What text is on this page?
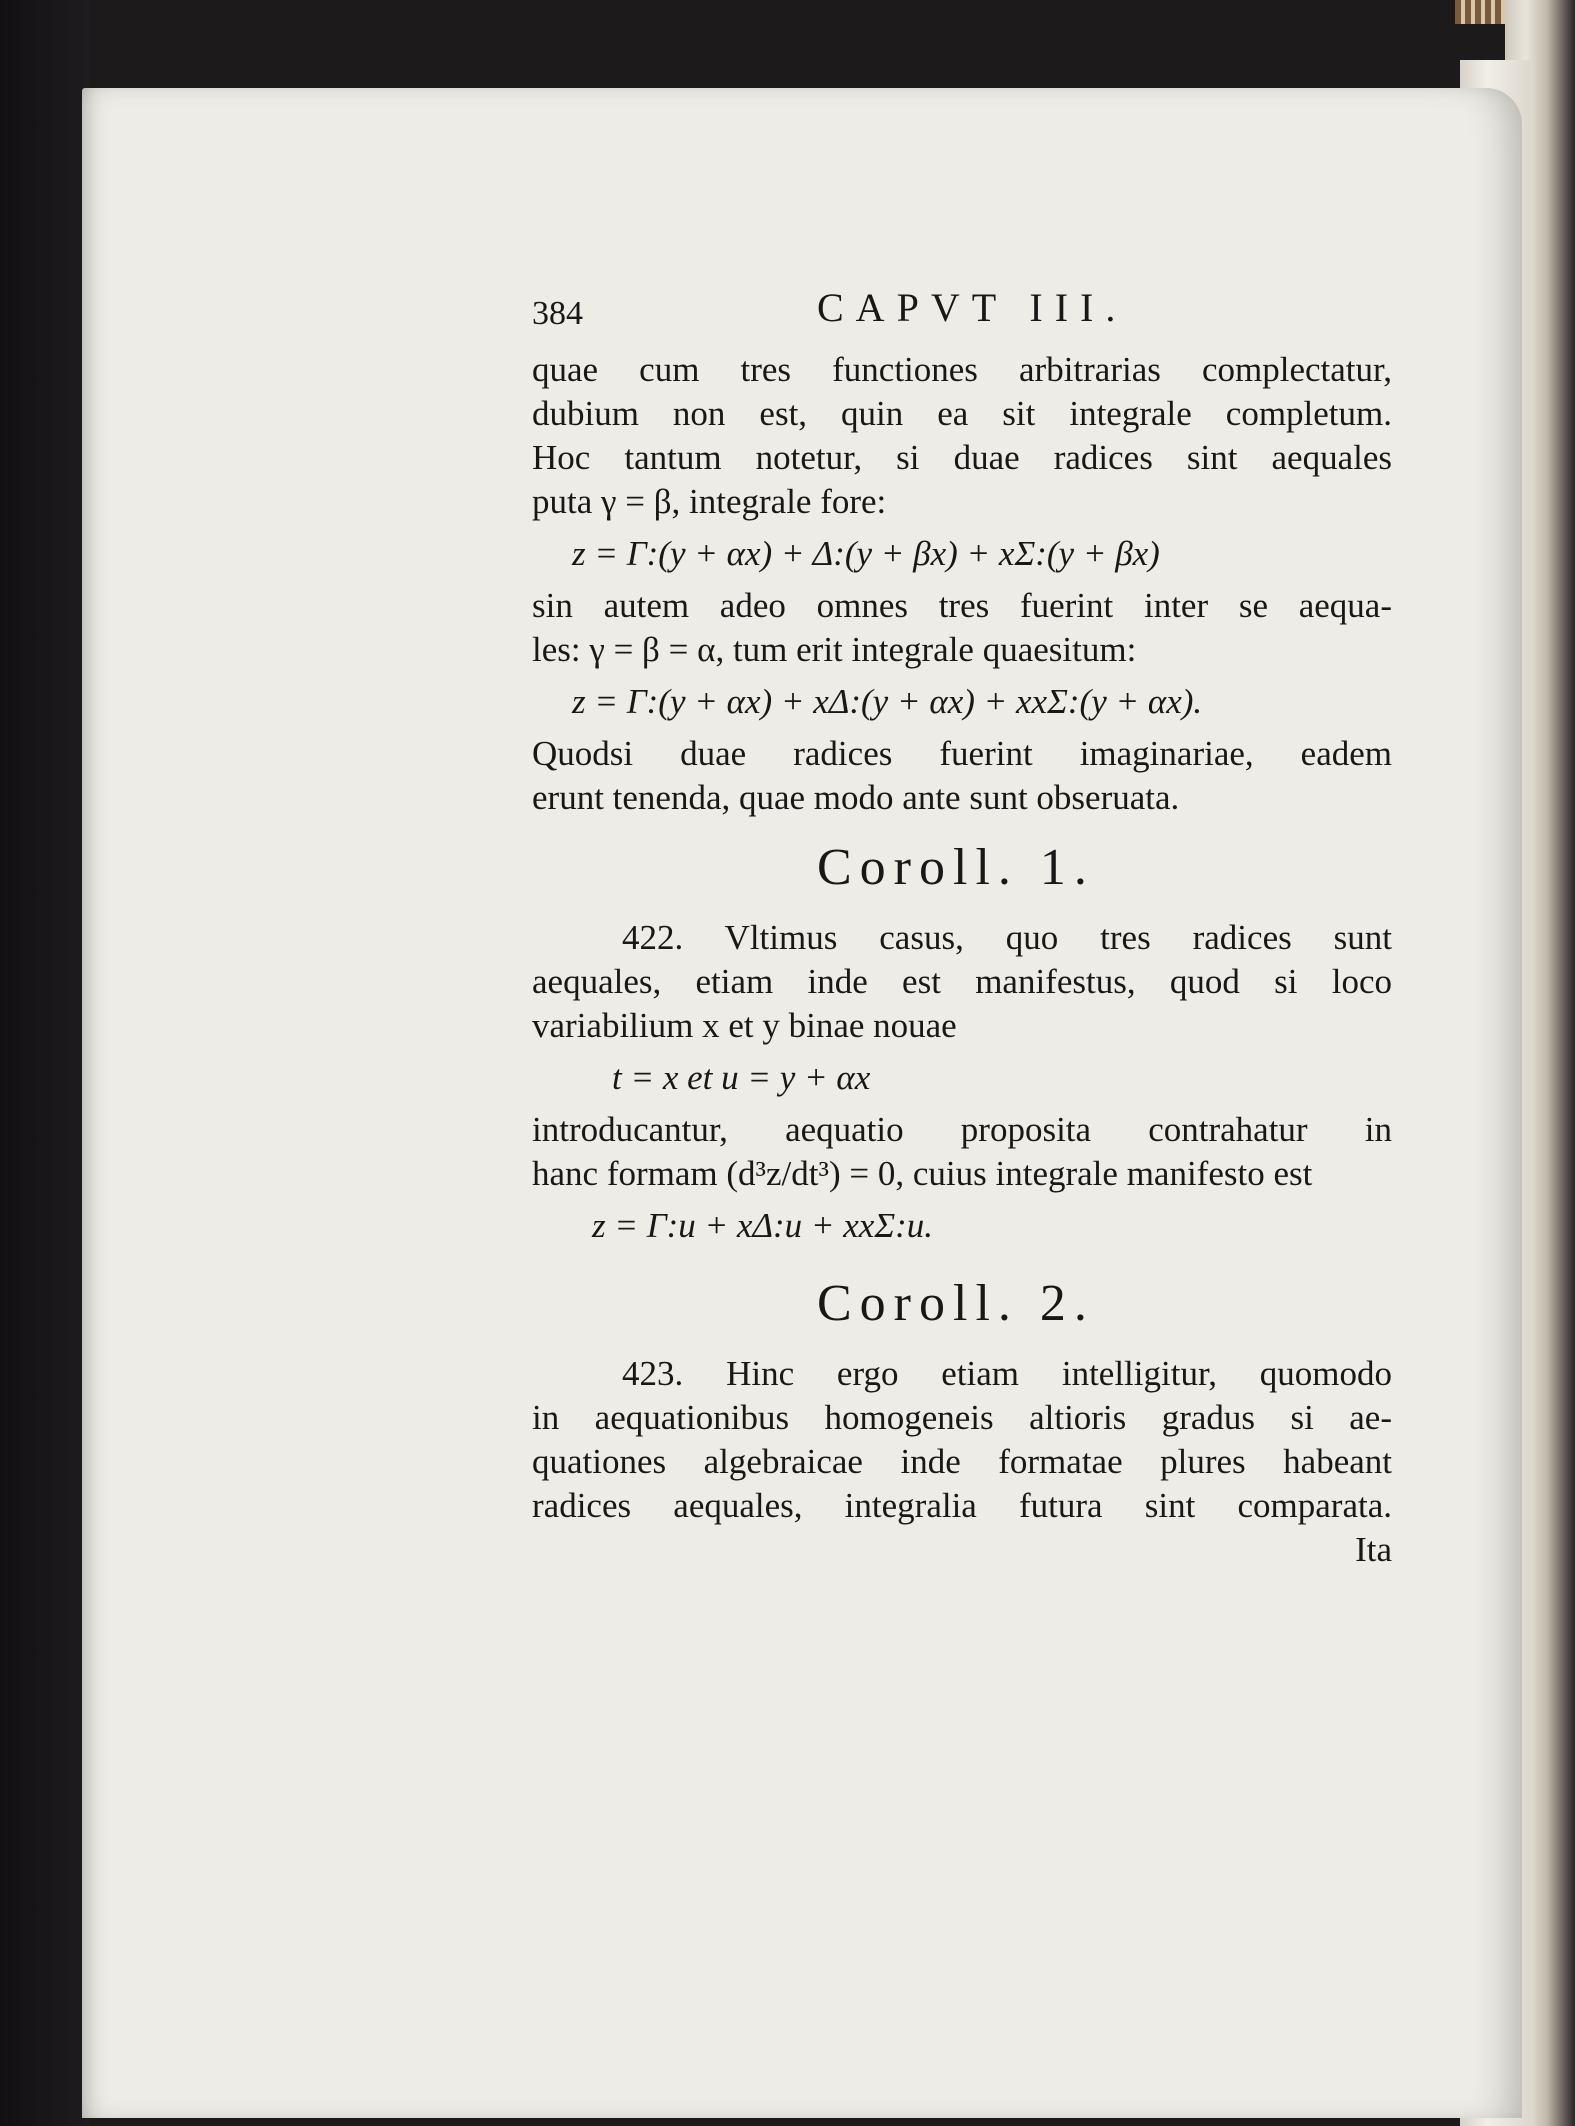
384	CAPVT III.
quae cum tres functiones arbitrarias complectatur,
dubium non est, quin ea sit integrale completum.
Hoc tantum notetur, si duae radices sint aequales
puta γ = β, integrale fore:
z = Γ:(y + αx) + Δ:(y + βx) + xΣ:(y + βx)
sin autem adeo omnes tres fuerint inter se aequa-
les: γ = β = α, tum erit integrale quaesitum:
z = Γ:(y + αx) + xΔ:(y + αx) + xxΣ:(y + αx).
Quodsi duae radices fuerint imaginariae, eadem
erunt tenenda, quae modo ante sunt obseruata.
Coroll. 1.
422. Vltimus casus, quo tres radices sunt
aequales, etiam inde est manifestus, quod si loco
variabilium x et y binae nouae
t = x et u = y + αx
introducantur, aequatio proposita contrahatur in
hanc formam (d³z/dt³) = 0, cuius integrale manifesto est
z = Γ:u + xΔ:u + xxΣ:u.
Coroll. 2.
423. Hinc ergo etiam intelligitur, quomodo
in aequationibus homogeneis altioris gradus si ae-
quationes algebraicae inde formatae plures habeant
radices aequales, integralia futura sint comparata.
Ita
